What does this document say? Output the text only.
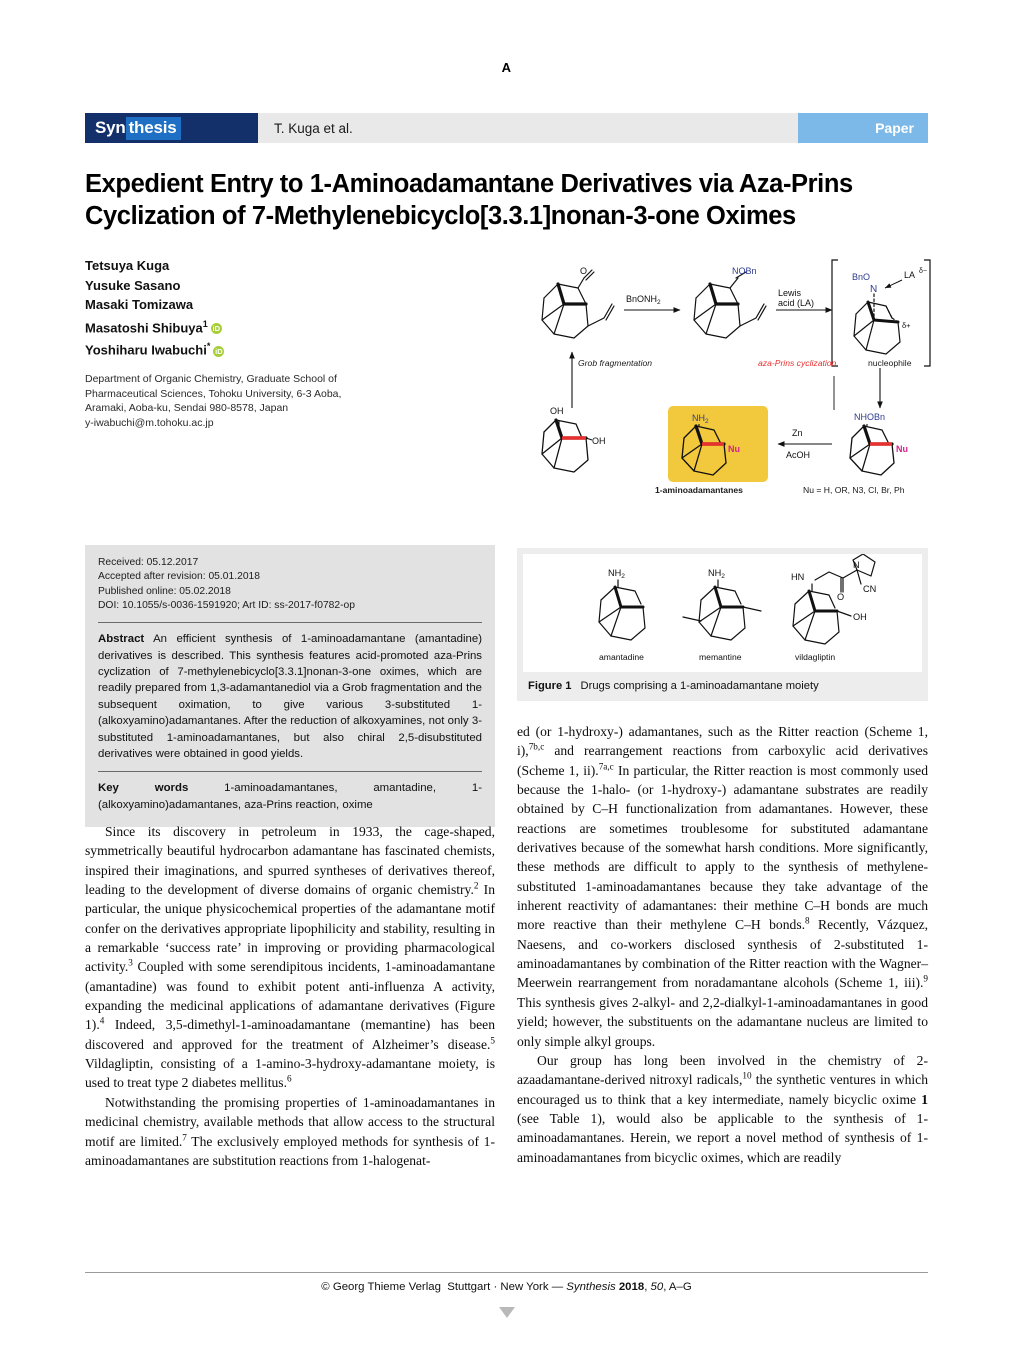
A
Syn thesis	T. Kuga et al.	Paper
Expedient Entry to 1-Aminoadamantane Derivatives via Aza-Prins Cyclization of 7-Methylenebicyclo[3.3.1]nonan-3-one Oximes
Tetsuya Kuga
Yusuke Sasano
Masaki Tomizawa
Masatoshi Shibuya$^1$ iD
Yoshiharu Iwabuchi* iD
Department of Organic Chemistry, Graduate School of Pharmaceutical Sciences, Tohoku University, 6-3 Aoba, Aramaki, Aoba-ku, Sendai 980-8578, Japan
y-iwabuchi@m.tohoku.ac.jp
O
BnONH$_2$
NOBn
Lewis
acid (LA)
BnO
N
LA δ−
δ+
OH
OH
$NH_2$
Nu
Zn
AcOH
NHOBn
Nu
Grob fragmentation	aza-Prins cyclization	nucleophile
1-aminoadamantanes	Nu = H, OR, N3, Cl, Br, Ph
Received: 05.12.2017
Accepted after revision: 05.01.2018
Published online: 05.02.2018
DOI: 10.1055/s-0036-1591920; Art ID: ss-2017-f0782-op
Abstract An efficient synthesis of 1-aminoadamantane (amantadine) derivatives is described. This synthesis features acid-promoted aza-Prins cyclization of 7-methylenebicyclo[3.3.1]nonan-3-one oximes, which are readily prepared from 1,3-adamantanediol via a Grob fragmentation and the subsequent oximation, to give various 3-substituted 1-(alkoxyamino)adamantanes. After the reduction of alkoxyamines, not only 3-substituted 1-aminoadamantanes, but also chiral 2,5-disubstituted derivatives were obtained in good yields.
Key words	1-aminoadamantanes, amantadine, 1-(alkoxyamino)adamantanes, aza-Prins reaction, oxime
$NH_2$	$NH_2$	HN
OH
O
N
CN
amantadine	memantine	vildagliptin
Figure 1 Drugs comprising a 1-aminoadamantane moiety

Since its discovery in petroleum in 1933, the cage-shaped, symmetrically beautiful hydrocarbon adamantane has fascinated chemists, inspired their imaginations, and spurred syntheses of derivatives thereof, leading to the development of diverse domains of organic chemistry.$^2$ In particular, the unique physicochemical properties of the adamantane motif confer on the derivatives appropriate lipophilicity and stability, resulting in a remarkable ‘success rate’ in improving or providing pharmacological activity.$^3$ Coupled with some serendipitous incidents, 1-aminoadamantane (amantadine) was found to exhibit potent anti-influenza A activity, expanding the medicinal applications of adamantane derivatives (Figure 1).$^4$ Indeed, 3,5-dimethyl-1-aminoadamantane (memantine) has been discovered and approved for the treatment of Alzheimer’s disease.$^5$ Vildagliptin, consisting of a 1-amino-3-hydroxy-adamantane moiety, is used to treat type 2 diabetes mellitus.$^6$

Notwithstanding the promising properties of 1-aminoadamantanes in medicinal chemistry, available methods that allow access to the structural motif are limited.$^7$ The exclusively employed methods for synthesis of 1-aminoadamantanes are substitution reactions from 1-halogenat-

ed (or 1-hydroxy-) adamantanes, such as the Ritter reaction (Scheme 1, i),$^{7b,c}$ and rearrangement reactions from carboxylic acid derivatives (Scheme 1, ii).$^{7a,c}$ In particular, the Ritter reaction is most commonly used because the 1-halo- (or 1-hydroxy-) adamantane substrates are readily obtained by C–H functionalization from adamantanes. However, these reactions are sometimes troublesome for substituted adamantane derivatives because of the somewhat harsh conditions. More significantly, these methods are difficult to apply to the synthesis of methylene-substituted 1-aminoadamantanes because they take advantage of the inherent reactivity of adamantanes: their methine C–H bonds are much more reactive than their methylene C–H bonds.$^8$ Recently, Vázquez, Naesens, and co-workers disclosed synthesis of 2-substituted 1-aminoadamantanes by combination of the Ritter reaction with the Wagner–Meerwein rearrangement from noradamantane alcohols (Scheme 1, iii).$^9$ This synthesis gives 2-alkyl- and 2,2-dialkyl-1-aminoadamantanes in good yield; however, the substituents on the adamantane nucleus are limited to only simple alkyl groups.

Our group has long been involved in the chemistry of 2-azaadamantane-derived nitroxyl radicals,$^{10}$ the synthetic ventures in which encouraged us to think that a key intermediate, namely bicyclic oxime 1 (see Table 1), would also be applicable to the synthesis of 1-aminoadamantanes. Herein, we report a novel method of synthesis of 1-aminoadamantanes from bicyclic oximes, which are readily

© Georg Thieme Verlag Stuttgart · New York — Synthesis 2018, 50, A–G
